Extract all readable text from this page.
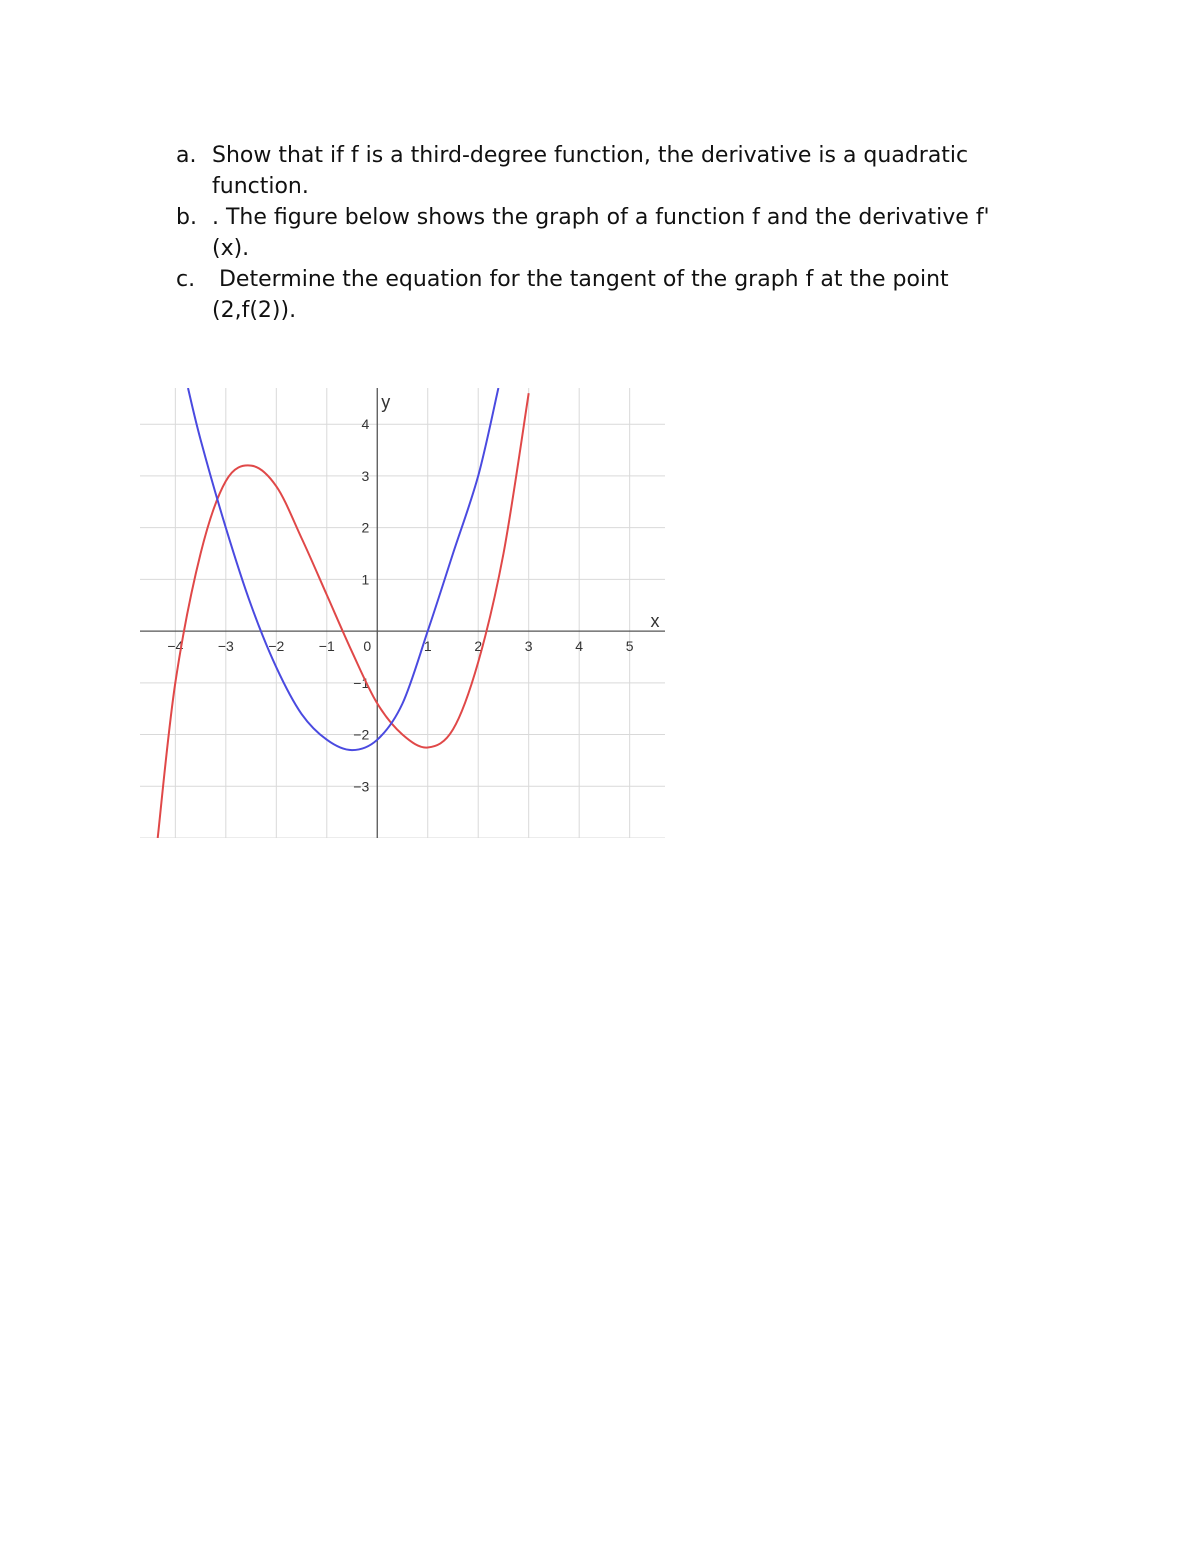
a. Show that if f is a third-degree function, the derivative is a quadratic
function.

b. . The figure below shows the graph of a function f and the derivative f'
(x).

c. Determine the equation for the tangent of the graph f at the point
(2,f(2)).

−4 −3 −2 −1 0	1	2	3	4	5
4
3
2
1
−1
−2
−3
x
y
